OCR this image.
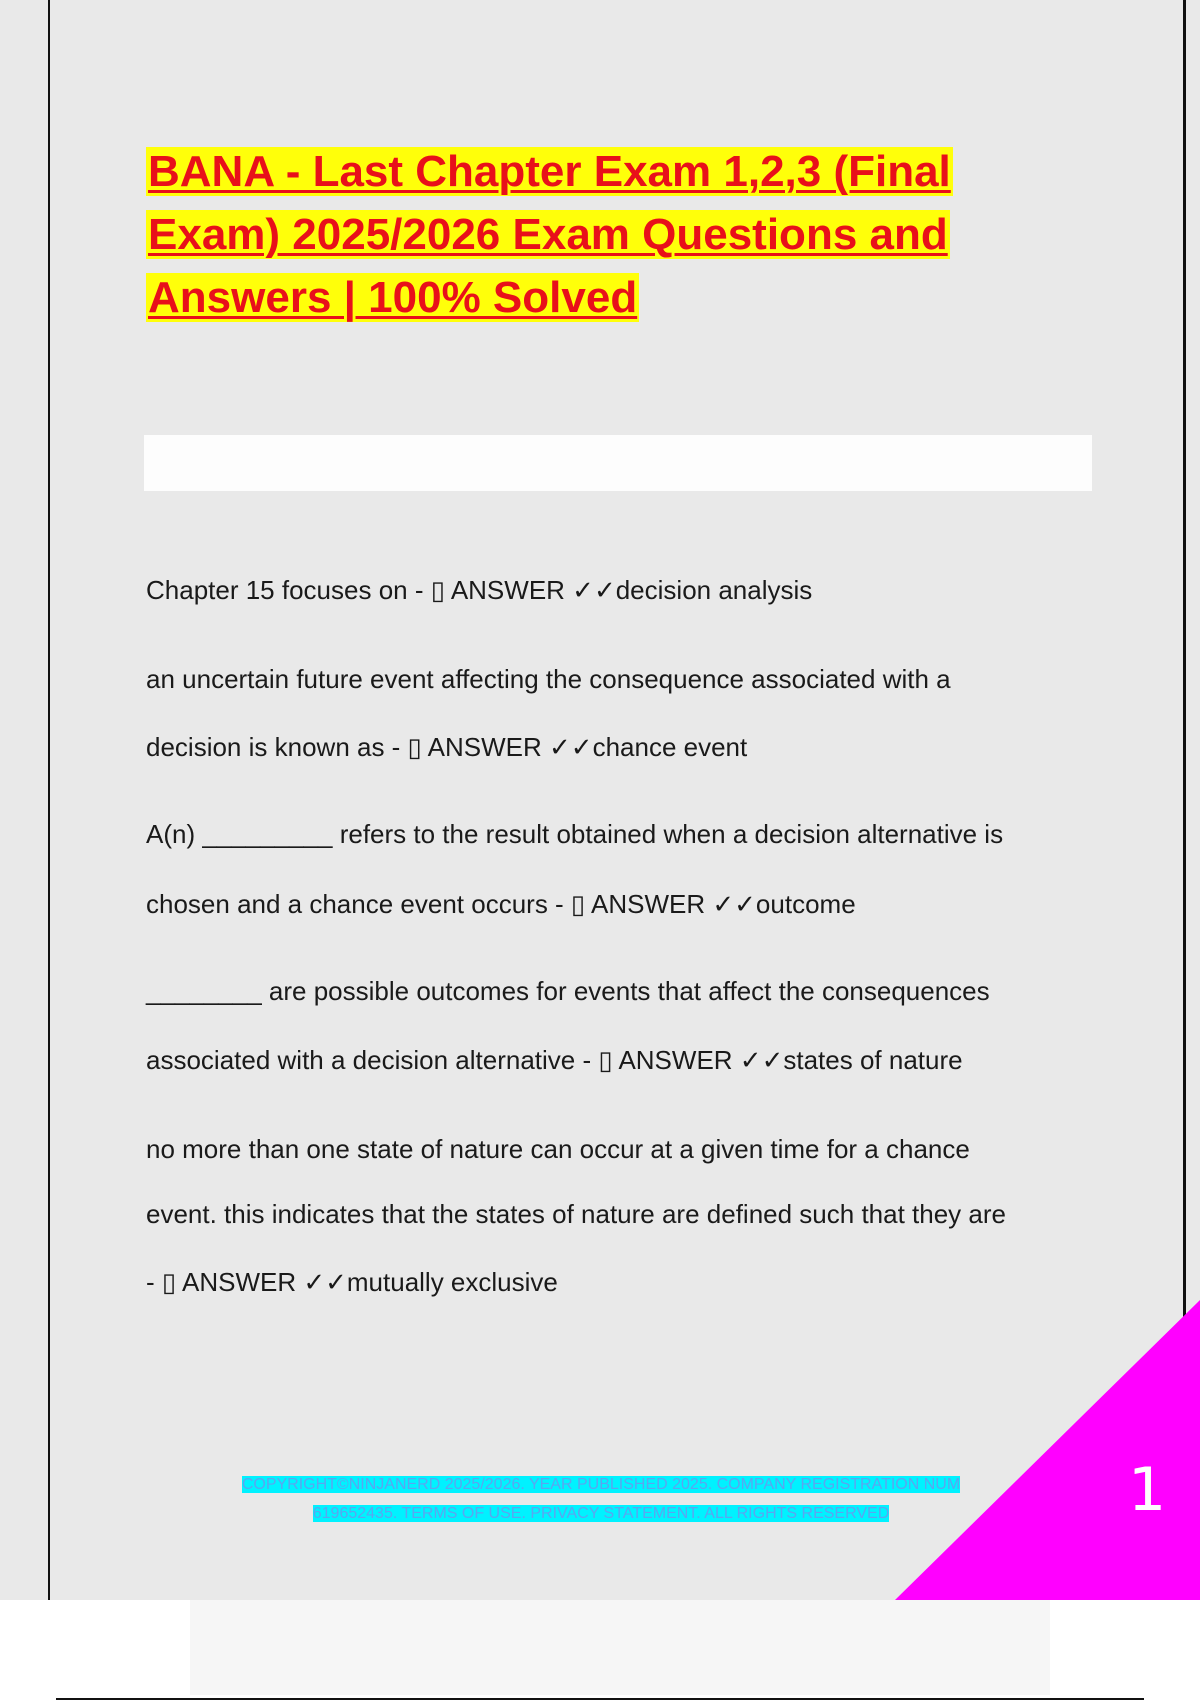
BANA - Last Chapter Exam 1,2,3 (Final
Exam) 2025/2026 Exam Questions and
Answers | 100% Solved
Chapter 15 focuses on - ▯ ANSWER ✓✓decision analysis
an uncertain future event affecting the consequence associated with a
decision is known as - ▯ ANSWER ✓✓chance event
A(n) _________ refers to the result obtained when a decision alternative is
chosen and a chance event occurs - ▯ ANSWER ✓✓outcome
________ are possible outcomes for events that affect the consequences
associated with a decision alternative - ▯ ANSWER ✓✓states of nature
no more than one state of nature can occur at a given time for a chance
event. this indicates that the states of nature are defined such that they are
- ▯ ANSWER ✓✓mutually exclusive
COPYRIGHT©NINJANERD 2025/2026. YEAR PUBLISHED 2025. COMPANY REGISTRATION NUM
619652435. TERMS OF USE. PRIVACY STATEMENT. ALL RIGHTS RESERVED	1
